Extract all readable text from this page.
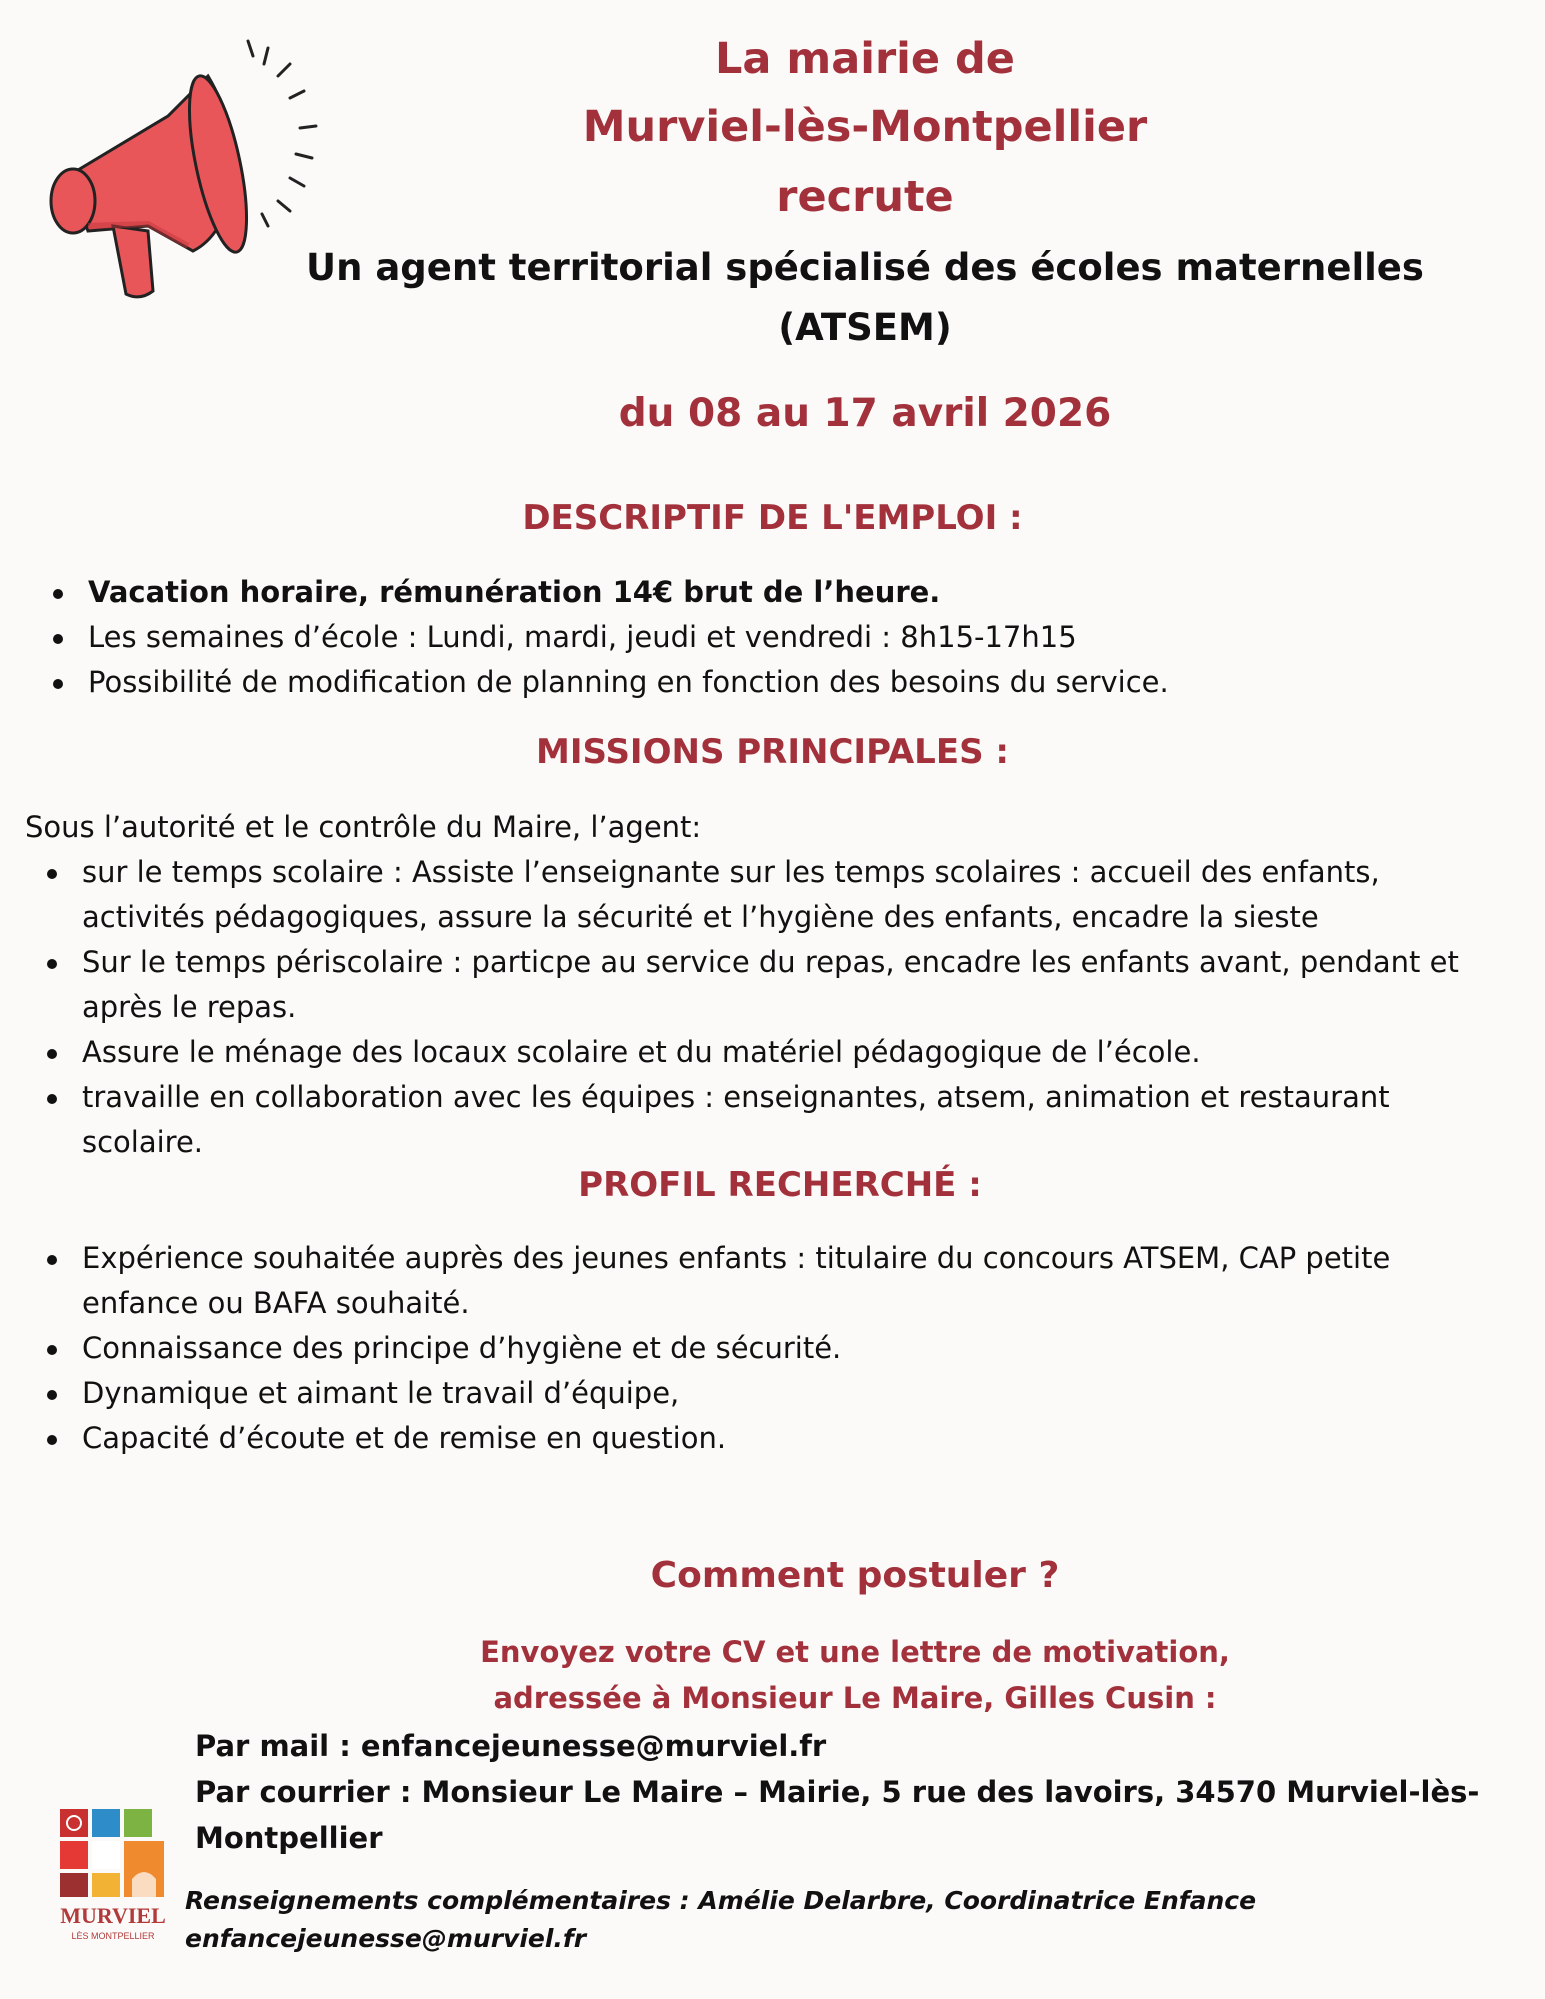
La mairie de
Murviel-lès-Montpellier
recrute
Un agent territorial spécialisé des écoles maternelles
(ATSEM)
du 08 au 17 avril 2026
DESCRIPTIF DE L'EMPLOI :
Vacation horaire, rémunération 14€ brut de l’heure.
Les semaines d’école : Lundi, mardi, jeudi et vendredi : 8h15-17h15
Possibilité de modification de planning en fonction des besoins du service.
MISSIONS PRINCIPALES :
Sous l’autorité et le contrôle du Maire, l’agent:
sur le temps scolaire : Assiste l’enseignante sur les temps scolaires : accueil des enfants, activités pédagogiques, assure la sécurité et l’hygiène des enfants, encadre la sieste
Sur le temps périscolaire : particpe au service du repas, encadre les enfants avant, pendant et après le repas.
Assure le ménage des locaux scolaire et du matériel pédagogique de l’école.
travaille en collaboration avec les équipes : enseignantes, atsem, animation et restaurant scolaire.
PROFIL RECHERCHÉ :
Expérience souhaitée auprès des jeunes enfants : titulaire du concours ATSEM, CAP petite enfance ou BAFA souhaité.
Connaissance des principe d’hygiène et de sécurité.
Dynamique et aimant le travail d’équipe,
Capacité d’écoute et de remise en question.
Comment postuler ?
Envoyez votre CV et une lettre de motivation,
adressée à Monsieur Le Maire, Gilles Cusin :
Par mail : enfancejeunesse@murviel.fr
Par courrier : Monsieur Le Maire – Mairie, 5 rue des lavoirs, 34570 Murviel-lès-
Montpellier
MURVIEL
LÈS MONTPELLIER
Renseignements complémentaires : Amélie Delarbre, Coordinatrice Enfance
enfancejeunesse@murviel.fr
